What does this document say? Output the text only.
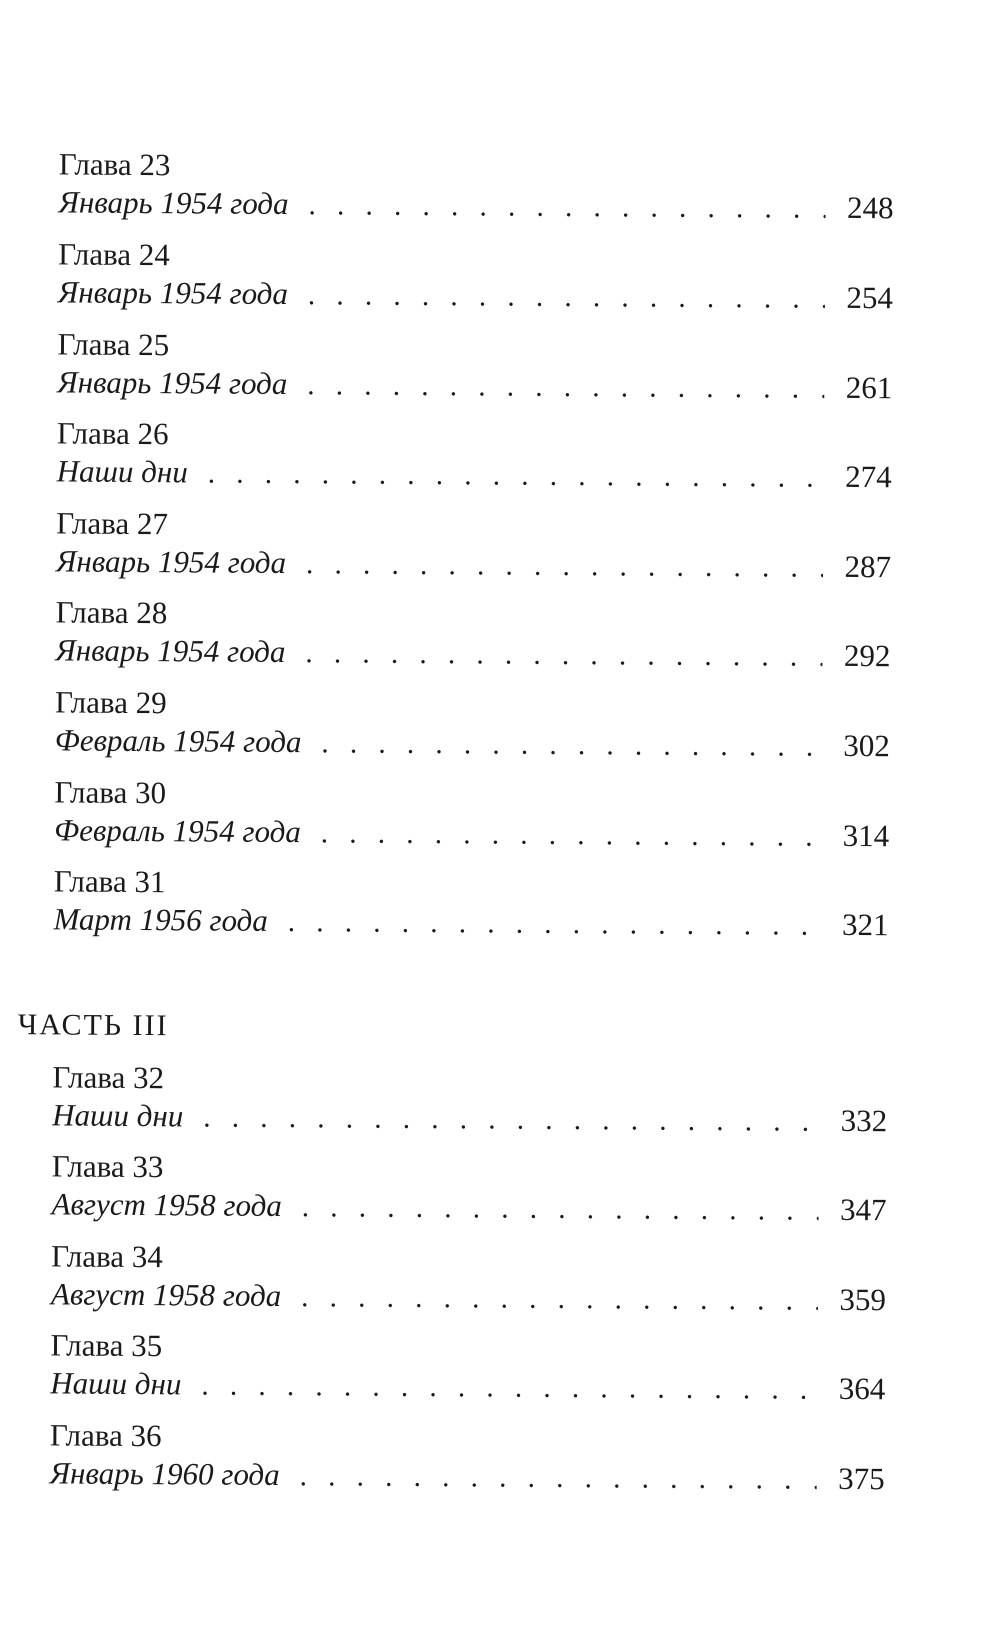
Глава 23
Январь 1954 года . . .	248
Глава 24
Январь 1954 года . . .	254
Глава 25
Январь 1954 года . . .	261
Глава 26
Наши дни . . .	274
Глава 27
Январь 1954 года . . .	287
Глава 28
Январь 1954 года . . .	292
Глава 29
Февраль 1954 года . . .	302
Глава 30
Февраль 1954 года . . .	314
Глава 31
Март 1956 года . . .	321
ЧАСТЬ III
Глава 32
Наши дни . . .	332
Глава 33
Август 1958 года . . .	347
Глава 34
Август 1958 года . . .	359
Глава 35
Наши дни . . .	364
Глава 36
Январь 1960 года . . .	375
